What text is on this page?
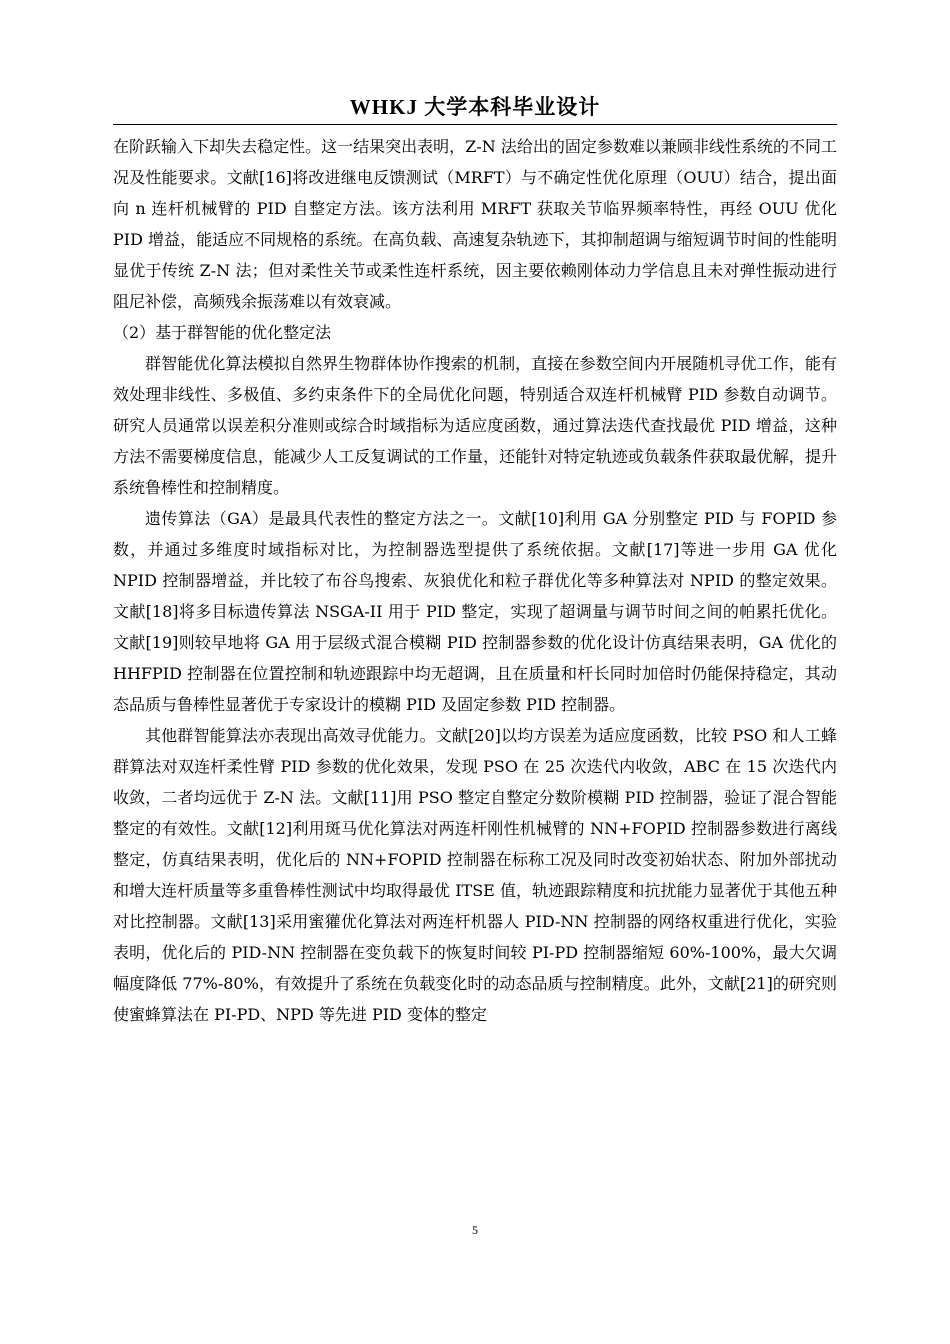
WHKJ 大学本科毕业设计

在阶跃输入下却失去稳定性。这一结果突出表明，Z-N 法给出的固定参数难以兼顾非线性系统的不同工况及性能要求。文献[16]将改进继电反馈测试（MRFT）与不确定性优化原理（OUU）结合，提出面向 n 连杆机械臂的 PID 自整定方法。该方法利用 MRFT 获取关节临界频率特性，再经 OUU 优化 PID 增益，能适应不同规格的系统。在高负载、高速复杂轨迹下，其抑制超调与缩短调节时间的性能明显优于传统 Z-N 法；但对柔性关节或柔性连杆系统，因主要依赖刚体动力学信息且未对弹性振动进行阻尼补偿，高频残余振荡难以有效衰减。

（2）基于群智能的优化整定法

群智能优化算法模拟自然界生物群体协作搜索的机制，直接在参数空间内开展随机寻优工作，能有效处理非线性、多极值、多约束条件下的全局优化问题，特别适合双连杆机械臂 PID 参数自动调节。研究人员通常以误差积分准则或综合时域指标为适应度函数，通过算法迭代查找最优 PID 增益，这种方法不需要梯度信息，能减少人工反复调试的工作量，还能针对特定轨迹或负载条件获取最优解，提升系统鲁棒性和控制精度。

遗传算法（GA）是最具代表性的整定方法之一。文献[10]利用 GA 分别整定 PID 与 FOPID 参数，并通过多维度时域指标对比，为控制器选型提供了系统依据。文献[17]等进一步用 GA 优化 NPID 控制器增益，并比较了布谷鸟搜索、灰狼优化和粒子群优化等多种算法对 NPID 的整定效果。文献[18]将多目标遗传算法 NSGA-II 用于 PID 整定，实现了超调量与调节时间之间的帕累托优化。文献[19]则较早地将 GA 用于层级式混合模糊 PID 控制器参数的优化设计仿真结果表明，GA 优化的 HHFPID 控制器在位置控制和轨迹跟踪中均无超调，且在质量和杆长同时加倍时仍能保持稳定，其动态品质与鲁棒性显著优于专家设计的模糊 PID 及固定参数 PID 控制器。

其他群智能算法亦表现出高效寻优能力。文献[20]以均方误差为适应度函数，比较 PSO 和人工蜂群算法对双连杆柔性臂 PID 参数的优化效果，发现 PSO 在 25 次迭代内收敛，ABC 在 15 次迭代内收敛，二者均远优于 Z-N 法。文献[11]用 PSO 整定自整定分数阶模糊 PID 控制器，验证了混合智能整定的有效性。文献[12]利用斑马优化算法对两连杆刚性机械臂的 NN+FOPID 控制器参数进行离线整定，仿真结果表明，优化后的 NN+FOPID 控制器在标称工况及同时改变初始状态、附加外部扰动和增大连杆质量等多重鲁棒性测试中均取得最优 ITSE 值，轨迹跟踪精度和抗扰能力显著优于其他五种对比控制器。文献[13]采用蜜獾优化算法对两连杆机器人 PID-NN 控制器的网络权重进行优化，实验表明，优化后的 PID-NN 控制器在变负载下的恢复时间较 PI-PD 控制器缩短 60%-100%，最大欠调幅度降低 77%-80%，有效提升了系统在负载变化时的动态品质与控制精度。此外，文献[21]的研究则使蜜蜂算法在 PI-PD、NPD 等先进 PID 变体的整定

5
